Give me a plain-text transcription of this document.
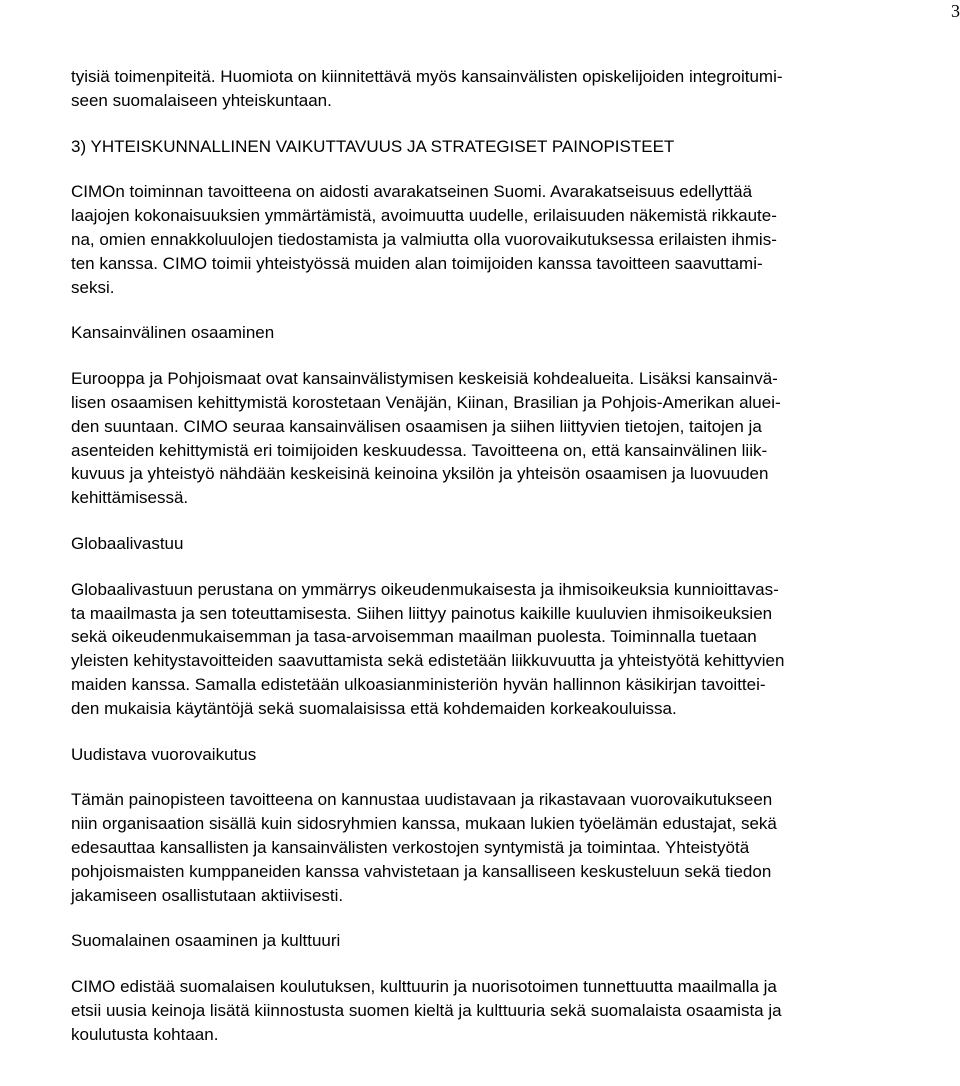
3

tyisiä toimenpiteitä. Huomiota on kiinnitettävä myös kansainvälisten opiskelijoiden integroitumi-
seen suomalaiseen yhteiskuntaan.

3) YHTEISKUNNALLINEN VAIKUTTAVUUS JA STRATEGISET PAINOPISTEET

CIMOn toiminnan tavoitteena on aidosti avarakatseinen Suomi. Avarakatseisuus edellyttää
laajojen kokonaisuuksien ymmärtämistä, avoimuutta uudelle, erilaisuuden näkemistä rikkaute-
na, omien ennakkoluulojen tiedostamista ja valmiutta olla vuorovaikutuksessa erilaisten ihmis-
ten kanssa. CIMO toimii yhteistyössä muiden alan toimijoiden kanssa tavoitteen saavuttami-
seksi.

Kansainvälinen osaaminen

Eurooppa ja Pohjoismaat ovat kansainvälistymisen keskeisiä kohdealueita. Lisäksi kansainvä-
lisen osaamisen kehittymistä korostetaan Venäjän, Kiinan, Brasilian ja Pohjois-Amerikan aluei-
den suuntaan. CIMO seuraa kansainvälisen osaamisen ja siihen liittyvien tietojen, taitojen ja
asenteiden kehittymistä eri toimijoiden keskuudessa. Tavoitteena on, että kansainvälinen liik-
kuvuus ja yhteistyö nähdään keskeisinä keinoina yksilön ja yhteisön osaamisen ja luovuuden
kehittämisessä.

Globaalivastuu

Globaalivastuun perustana on ymmärrys oikeudenmukaisesta ja ihmisoikeuksia kunnioittavas-
ta maailmasta ja sen toteuttamisesta. Siihen liittyy painotus kaikille kuuluvien ihmisoikeuksien
sekä oikeudenmukaisemman ja tasa-arvoisemman maailman puolesta. Toiminnalla tuetaan
yleisten kehitystavoitteiden saavuttamista sekä edistetään liikkuvuutta ja yhteistyötä kehittyvien
maiden kanssa. Samalla edistetään ulkoasianministeriön hyvän hallinnon käsikirjan tavoittei-
den mukaisia käytäntöjä sekä suomalaisissa että kohdemaiden korkeakouluissa.

Uudistava vuorovaikutus

Tämän painopisteen tavoitteena on kannustaa uudistavaan ja rikastavaan vuorovaikutukseen
niin organisaation sisällä kuin sidosryhmien kanssa, mukaan lukien työelämän edustajat, sekä
edesauttaa kansallisten ja kansainvälisten verkostojen syntymistä ja toimintaa. Yhteistyötä
pohjoismaisten kumppaneiden kanssa vahvistetaan ja kansalliseen keskusteluun sekä tiedon
jakamiseen osallistutaan aktiivisesti.

Suomalainen osaaminen ja kulttuuri

CIMO edistää suomalaisen koulutuksen, kulttuurin ja nuorisotoimen tunnettuutta maailmalla ja
etsii uusia keinoja lisätä kiinnostusta suomen kieltä ja kulttuuria sekä suomalaista osaamista ja
koulutusta kohtaan.
